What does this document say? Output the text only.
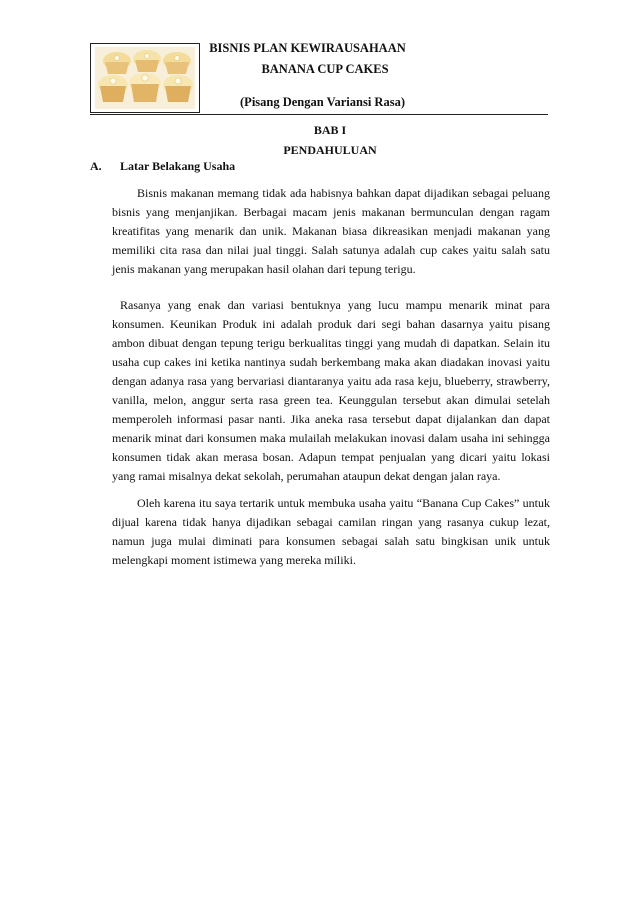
BISNIS PLAN KEWIRAUSAHAAN
BANANA CUP CAKES
(Pisang Dengan Variansi Rasa)
BAB I
PENDAHULUAN
A. Latar Belakang Usaha

Bisnis makanan memang tidak ada habisnya bahkan dapat dijadikan sebagai peluang bisnis yang menjanjikan. Berbagai macam jenis makanan bermunculan dengan ragam kreatifitas yang menarik dan unik. Makanan biasa dikreasikan menjadi makanan yang memiliki cita rasa dan nilai jual tinggi. Salah satunya adalah cup cakes yaitu salah satu jenis makanan yang merupakan hasil olahan dari tepung terigu.

Rasanya yang enak dan variasi bentuknya yang lucu mampu menarik minat para konsumen. Keunikan Produk ini adalah produk dari segi bahan dasarnya yaitu pisang ambon dibuat dengan tepung terigu berkualitas tinggi yang mudah di dapatkan. Selain itu usaha cup cakes ini ketika nantinya sudah berkembang maka akan diadakan inovasi yaitu dengan adanya rasa yang bervariasi diantaranya yaitu ada rasa keju, blueberry, strawberry, vanilla, melon, anggur serta rasa green tea. Keunggulan tersebut akan dimulai setelah memperoleh informasi pasar nanti. Jika aneka rasa tersebut dapat dijalankan dan dapat menarik minat dari konsumen maka mulailah melakukan inovasi dalam usaha ini sehingga konsumen tidak akan merasa bosan. Adapun tempat penjualan yang dicari yaitu lokasi yang ramai misalnya dekat sekolah, perumahan ataupun dekat dengan jalan raya.

Oleh karena itu saya tertarik untuk membuka usaha yaitu “Banana Cup Cakes” untuk dijual karena tidak hanya dijadikan sebagai camilan ringan yang rasanya cukup lezat, namun juga mulai diminati para konsumen sebagai salah satu bingkisan unik untuk melengkapi moment istimewa yang mereka miliki.
